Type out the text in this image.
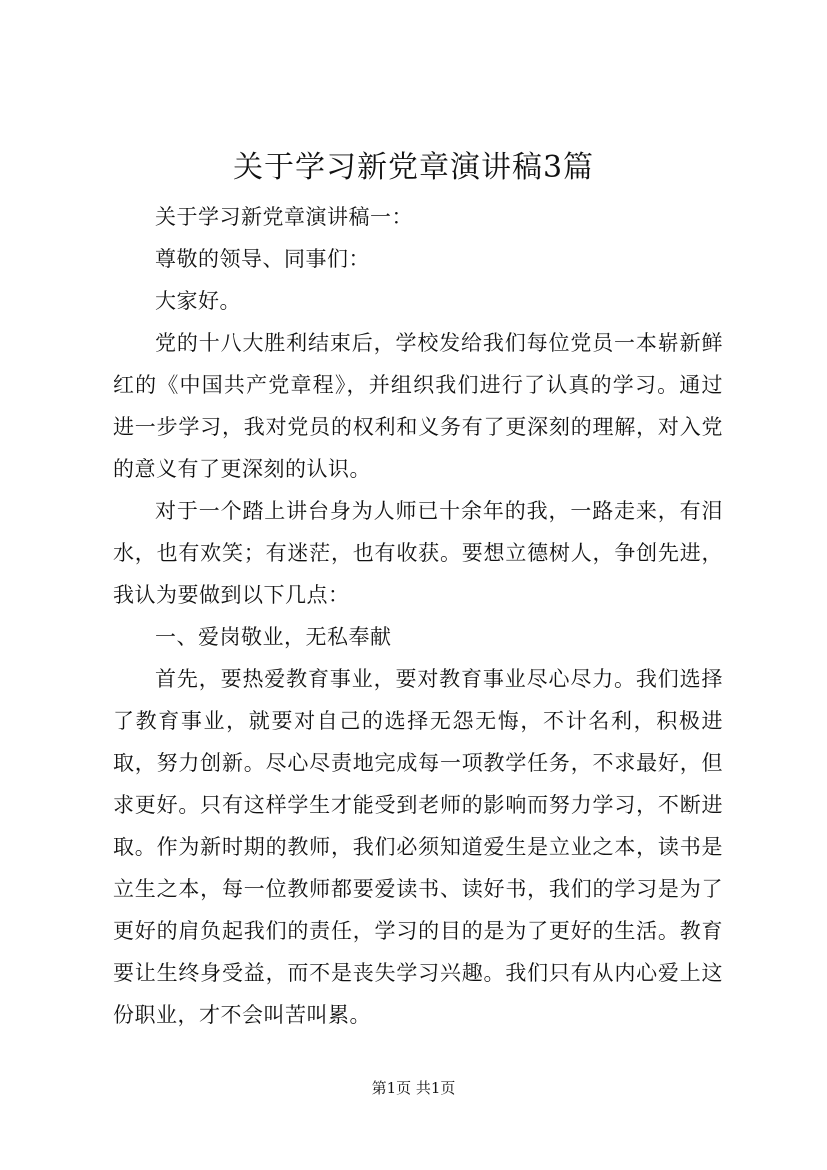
关于学习新党章演讲稿3篇

关于学习新党章演讲稿一：

尊敬的领导、同事们：

大家好。

党的十八大胜利结束后，学校发给我们每位党员一本崭新鲜红的《中国共产党章程》，并组织我们进行了认真的学习。通过进一步学习，我对党员的权利和义务有了更深刻的理解，对入党的意义有了更深刻的认识。

对于一个踏上讲台身为人师已十余年的我，一路走来，有泪水，也有欢笑；有迷茫，也有收获。要想立德树人，争创先进，我认为要做到以下几点：

一、爱岗敬业，无私奉献

首先，要热爱教育事业，要对教育事业尽心尽力。我们选择了教育事业，就要对自己的选择无怨无悔，不计名利，积极进取，努力创新。尽心尽责地完成每一项教学任务，不求最好，但求更好。只有这样学生才能受到老师的影响而努力学习，不断进取。作为新时期的教师，我们必须知道爱生是立业之本，读书是立生之本，每一位教师都要爱读书、读好书，我们的学习是为了更好的肩负起我们的责任，学习的目的是为了更好的生活。教育要让生终身受益，而不是丧失学习兴趣。我们只有从内心爱上这份职业，才不会叫苦叫累。

第1页 共1页
